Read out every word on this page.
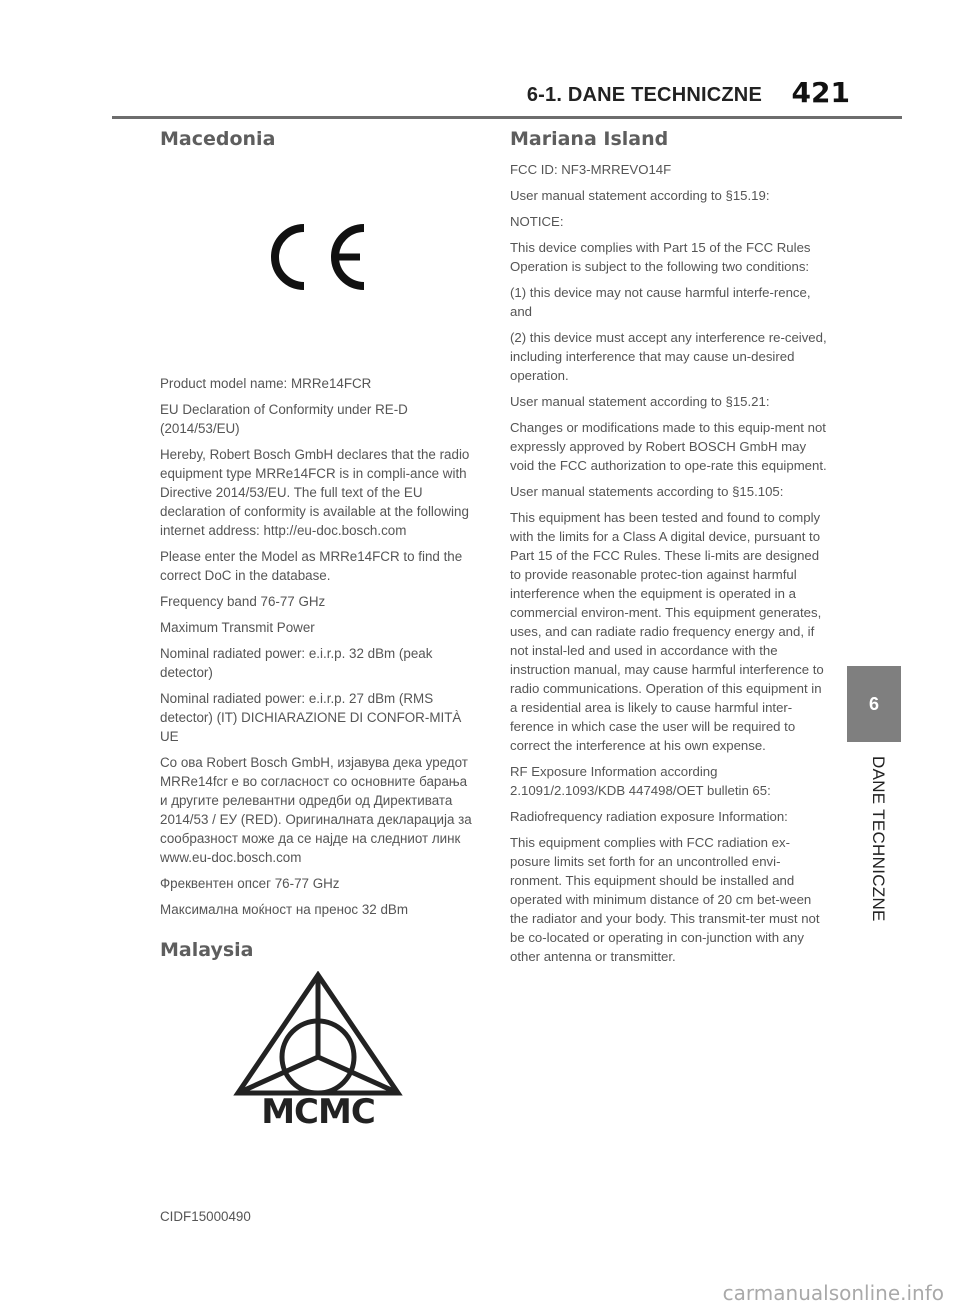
6-1. DANE TECHNICZNE 421
Macedonia

Product model name: MRRe14FCR

EU Declaration of Conformity under RE-D (2014/53/EU)

Hereby, Robert Bosch GmbH declares that the radio equipment type MRRe14FCR is in compli-ance with Directive 2014/53/EU. The full text of the EU declaration of conformity is available at the following internet address: http://eu-doc.bosch.com

Please enter the Model as MRRe14FCR to find the correct DoC in the database.

Frequency band 76-77 GHz

Maximum Transmit Power

Nominal radiated power: e.i.r.p. 32 dBm (peak detector)

Nominal radiated power: e.i.r.p. 27 dBm (RMS detector) (IT) DICHIARAZIONE DI CONFOR-MITÀ UE

Со ова Robert Bosch GmbH, изјавува дека уредот MRRe14fcr е во согласност со основните барања и другите релевантни одредби од Директивата 2014/53 / ЕУ (RED). Оригиналната декларација за сообразност може да се најде на следниот линк www.eu-doc.bosch.com

Фреквентен опсег 76-77 GHz

Максимална моќност на пренос 32 dBm

Malaysia
MCMC

CIDF15000490

Mariana Island

FCC ID: NF3-MRREVO14F

User manual statement according to §15.19:

NOTICE:

This device complies with Part 15 of the FCC Rules Operation is subject to the following two conditions:

(1) this device may not cause harmful interfe-rence, and

(2) this device must accept any interference re-ceived, including interference that may cause un-desired operation.

User manual statement according to §15.21:

Changes or modifications made to this equip-ment not expressly approved by Robert BOSCH GmbH may void the FCC authorization to ope-rate this equipment.

User manual statements according to §15.105:

This equipment has been tested and found to comply with the limits for a Class A digital device, pursuant to Part 15 of the FCC Rules. These li-mits are designed to provide reasonable protec-tion against harmful interference when the equipment is operated in a commercial environ-ment. This equipment generates, uses, and can radiate radio frequency energy and, if not instal-led and used in accordance with the instruction manual, may cause harmful interference to radio communications. Operation of this equipment in a residential area is likely to cause harmful inter-ference in which case the user will be required to correct the interference at his own expense.

RF Exposure Information according 2.1091/2.1093/KDB 447498/OET bulletin 65:

Radiofrequency radiation exposure Information:

This equipment complies with FCC radiation ex-posure limits set forth for an uncontrolled envi-ronment. This equipment should be installed and operated with minimum distance of 20 cm bet-ween the radiator and your body. This transmit-ter must not be co-located or operating in con-junction with any other antenna or transmitter.

6
DANE TECHNICZNE
carmanualsonline.info
